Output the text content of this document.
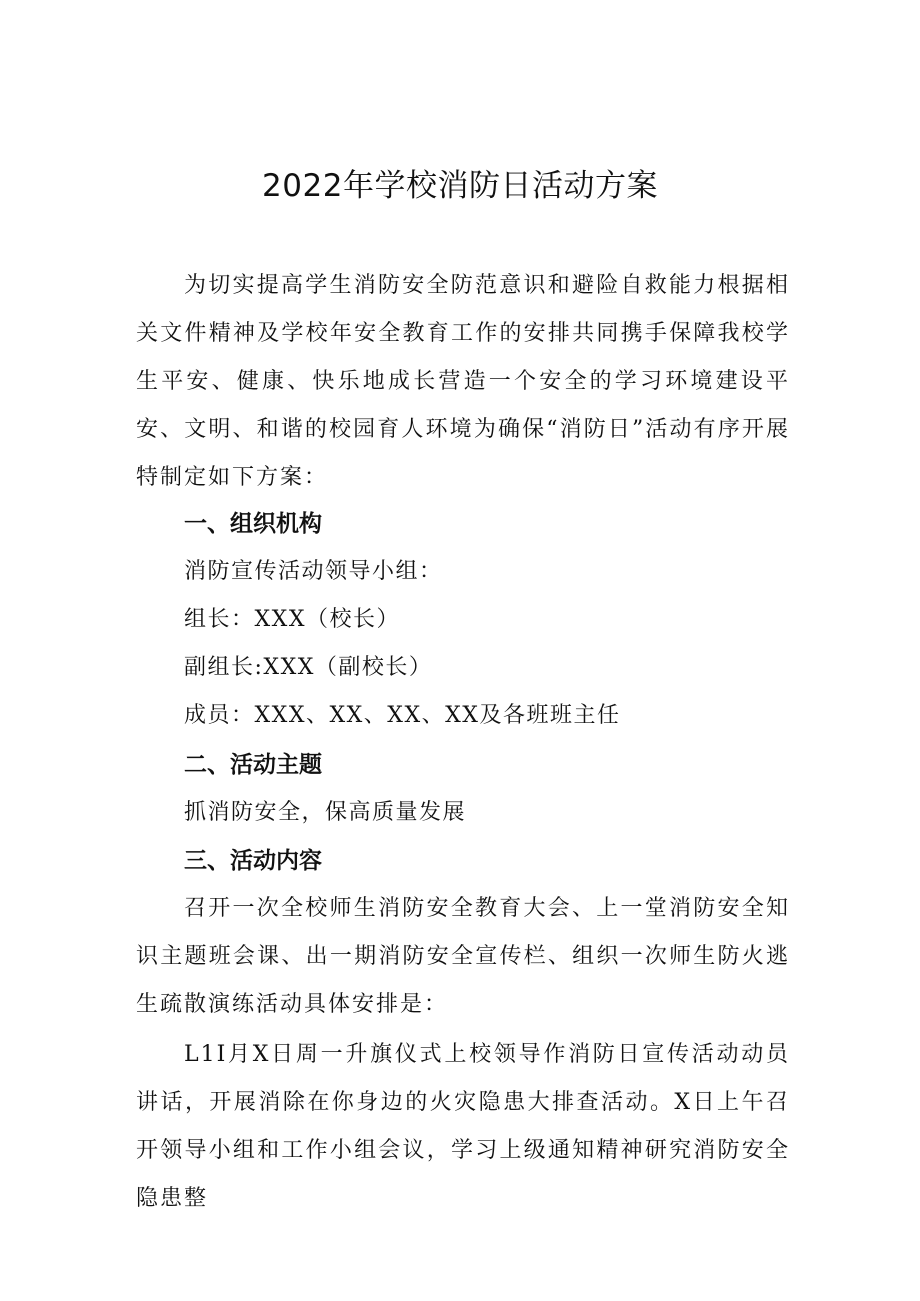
2022年学校消防日活动方案

为切实提高学生消防安全防范意识和避险自救能力根据相关文件精神及学校年安全教育工作的安排共同携手保障我校学生平安、健康、快乐地成长营造一个安全的学习环境建设平安、文明、和谐的校园育人环境为确保“消防日”活动有序开展特制定如下方案：

一、组织机构

消防宣传活动领导小组：

组长：XXX（校长）

副组长:XXX（副校长）

成员：XXX、XX、XX、XX及各班班主任

二、活动主题

抓消防安全，保高质量发展

三、活动内容

召开一次全校师生消防安全教育大会、上一堂消防安全知识主题班会课、出一期消防安全宣传栏、组织一次师生防火逃生疏散演练活动具体安排是：

L1I月X日周一升旗仪式上校领导作消防日宣传活动动员讲话，开展消除在你身边的火灾隐患大排查活动。X日上午召开领导小组和工作小组会议，学习上级通知精神研究消防安全隐患整
